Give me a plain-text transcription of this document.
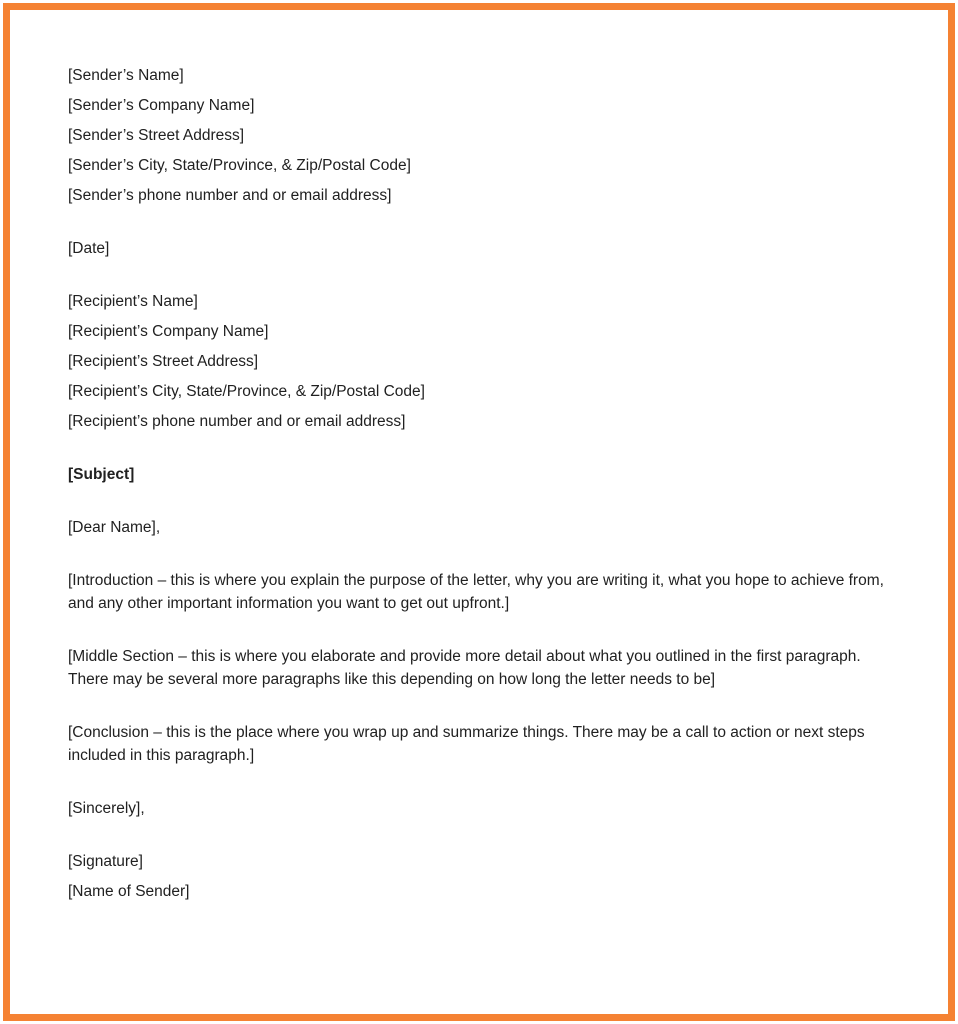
[Sender’s Name]
[Sender’s Company Name]
[Sender’s Street Address]
[Sender’s City, State/Province, & Zip/Postal Code]
[Sender’s phone number and or email address]
[Date]
[Recipient’s Name]
[Recipient’s Company Name]
[Recipient’s Street Address]
[Recipient’s City, State/Province, & Zip/Postal Code]
[Recipient’s phone number and or email address]
[Subject]
[Dear Name],

[Introduction – this is where you explain the purpose of the letter, why you are writing it, what you hope to achieve from, and any other important information you want to get out upfront.]

[Middle Section – this is where you elaborate and provide more detail about what you outlined in the first paragraph. There may be several more paragraphs like this depending on how long the letter needs to be]

[Conclusion – this is the place where you wrap up and summarize things. There may be a call to action or next steps included in this paragraph.]

[Sincerely],
[Signature]
[Name of Sender]
